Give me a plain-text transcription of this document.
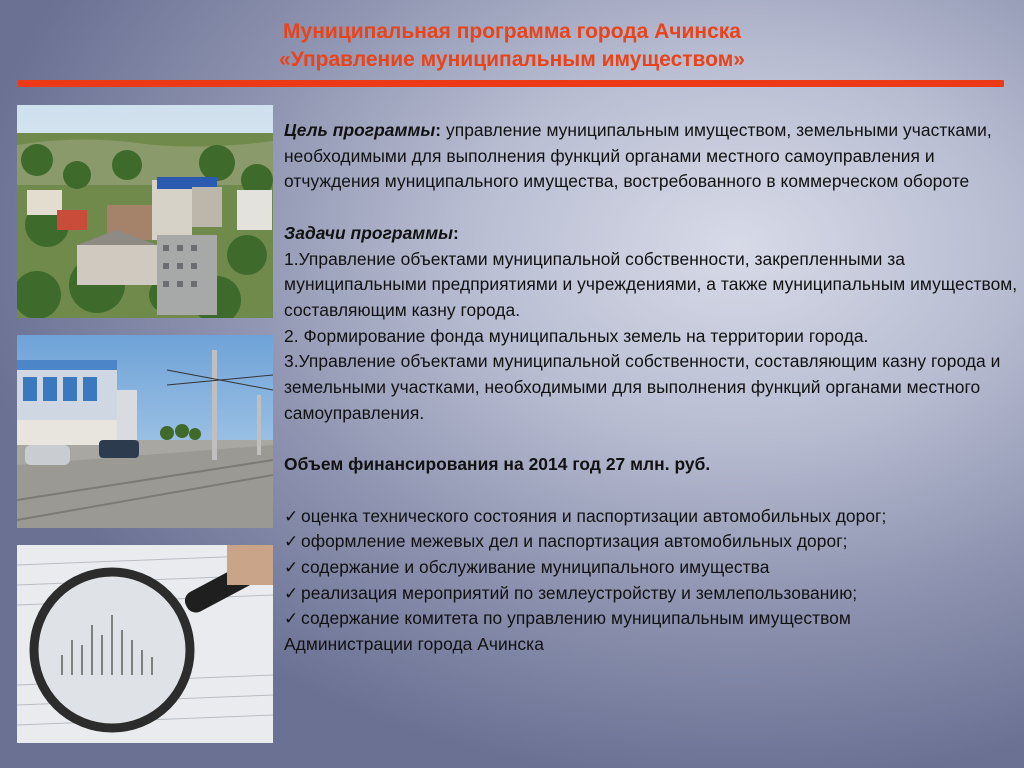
Муниципальная программа города Ачинска
«Управление муниципальным имуществом»

Цель программы: управление муниципальным имуществом, земельными участками, необходимыми для выполнения функций органами местного самоуправления и отчуждения муниципального имущества, востребованного в коммерческом обороте

Задачи программы:

1.Управление объектами муниципальной собственности, закрепленными за муниципальными предприятиями и учреждениями, а также муниципальным имуществом, составляющим казну города.

2. Формирование фонда муниципальных земель на территории города.

3.Управление объектами муниципальной собственности, составляющим казну города и земельными участками, необходимыми для выполнения функций органами местного самоуправления.

Объем финансирования на 2014 год 27 млн. руб.

✓ оценка технического состояния и паспортизации автомобильных дорог;

✓ оформление межевых дел и паспортизация автомобильных дорог;

✓ содержание и обслуживание муниципального имущества

✓ реализация мероприятий по землеустройству и землепользованию;

✓ содержание комитета по управлению муниципальным имуществом

Администрации города Ачинска
